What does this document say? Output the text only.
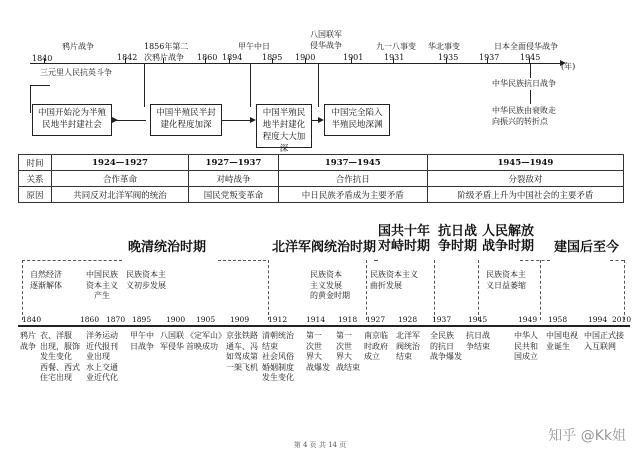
1840	1842	1860 1894 1895 1900	1901	1931	1935	1937	1945
(年)
鸦片战争	1856年第二
次鸦片战争
甲午中日
八国联军
侵华战争	九一八事变 华北事变	日本全面侵华战争
三元里人民抗英斗争
中华民族抗日战争
中华民族由衰败走
向振兴的转折点
中国开始沦为半殖
民地半封建社会
中国半殖民半封
建化程度加深
中国半殖民
地半封建化
程度大大加深
中国完全陷入
半殖民地深渊
时间	1924—1927	1927—1937	1937—1945	1945—1949
关系	合作革命	对峙战争	合作抗日	分裂敌对
原因	共同反对北洋军阀的统治	国民党叛变革命	中日民族矛盾成为主要矛盾	阶级矛盾上升为中国社会的主要矛盾
晚清统治时期	北洋军阀统治时期
国共十年
对峙时期
抗日战
争时期
人民解放
战争时期 建国后至今
自然经济
逐渐解体
中国民族
资本主义
产生
民族资本主
义初步发展
民族资本
主义发展
的黄金时期
民族资本主义
曲折发展
民族资本主
义日益萎缩
1840	1860 1870 1895 1900 1905 1909	1912	1914 1918 1927 1928 1937 1945	1949 1958	1994 2010
鸦片
战争
洋务运动
近代报刊
业出现
水上交通
业近代化
衣、洋服
出现，服饰
发生变化
西餐、西式
住宅出现
甲午中
日战争
八国联
军侵华
《定军山》
首映成功
京张铁路
通车、冯
如驾成第
一架飞机
清朝统治
结束
社会风俗
婚姻制度
发生变化
第一
次世
界大
战爆发
第一
次世
界大
战结束
南京临
时政府
成立
北洋军
阀统治
结束
全民族
的抗日
战争爆发
抗日战
争结束
中华人
民共和
国成立
中国电视
业诞生
中国正式接
入互联网
第 4 页 共 14 页
知乎 @Kk姐
